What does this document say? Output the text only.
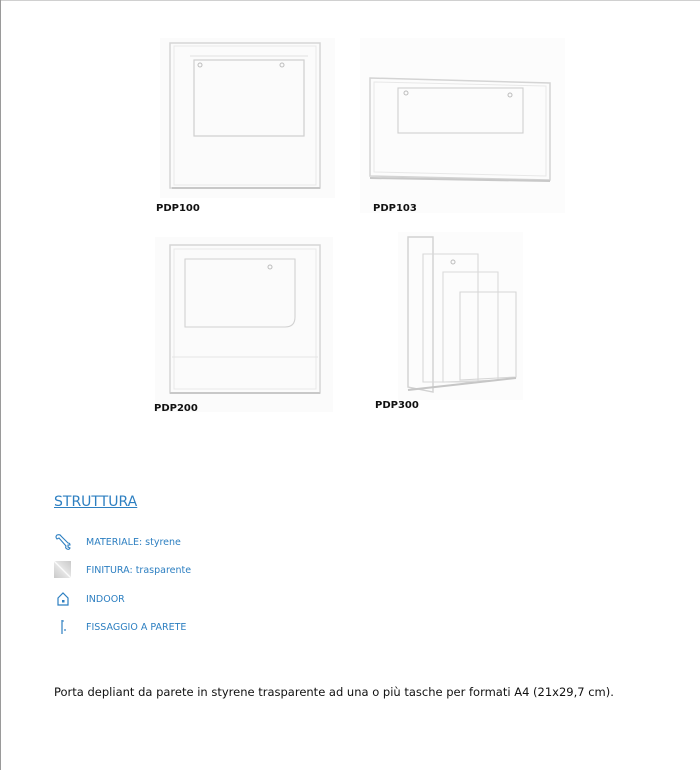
PDP100	PDP103
PDP200	PDP300
STRUTTURA
MATERIALE: styrene
FINITURA: trasparente
INDOOR
FISSAGGIO A PARETE
Porta depliant da parete in styrene trasparente ad una o più tasche per formati A4 (21x29,7 cm).
